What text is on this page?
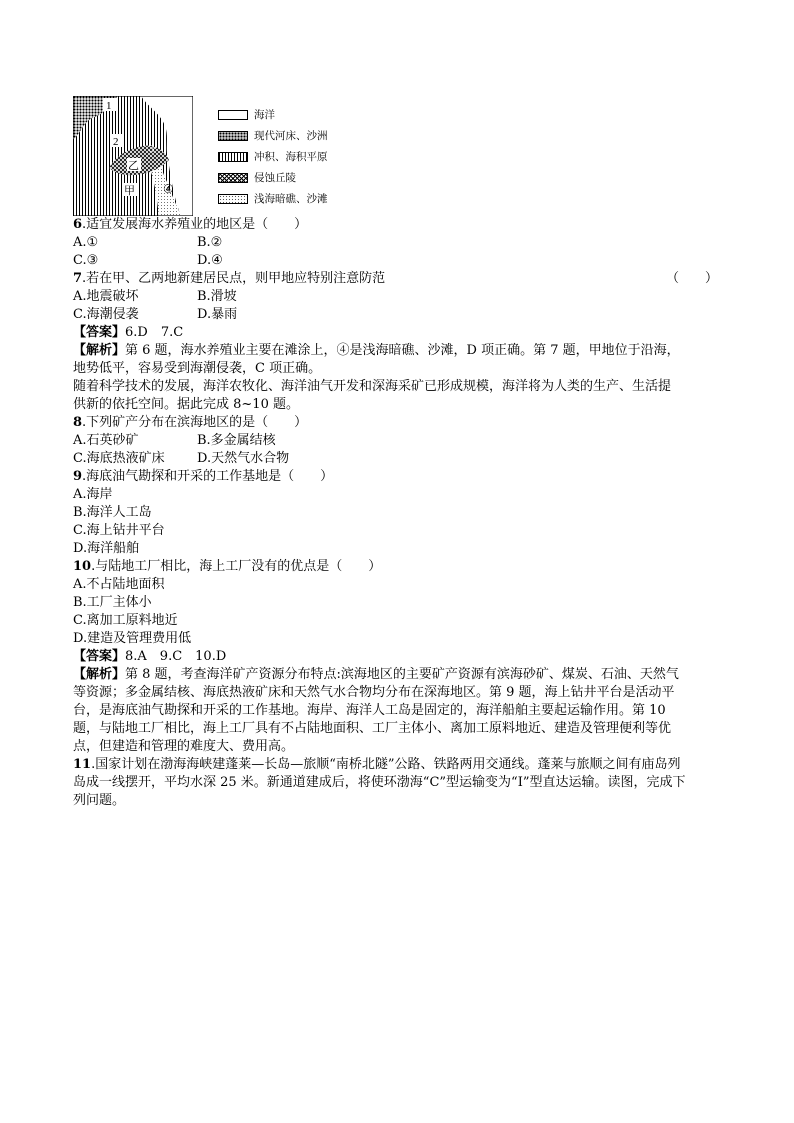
1
2
3
乙
甲 ④
海洋
现代河床、沙洲
冲积、海积平原
侵蚀丘陵
浅海暗礁、沙滩
6.适宜发展海水养殖业的地区是（　　）
A.①	B.②
C.③	D.④
7.若在甲、乙两地新建居民点，则甲地应特别注意防范	（　　）
A.地震破坏	B.滑坡
C.海潮侵袭	D.暴雨
【答案】6.D　7.C
【解析】第 6 题，海水养殖业主要在滩涂上，④是浅海暗礁、沙滩，D 项正确。第 7 题，甲地位于沿海，
地势低平，容易受到海潮侵袭，C 项正确。
随着科学技术的发展，海洋农牧化、海洋油气开发和深海采矿已形成规模，海洋将为人类的生产、生活提
供新的依托空间。据此完成 8~10 题。
8.下列矿产分布在滨海地区的是（　　）
A.石英砂矿	B.多金属结核
C.海底热液矿床	D.天然气水合物
9.海底油气勘探和开采的工作基地是（　　）
A.海岸
B.海洋人工岛
C.海上钻井平台
D.海洋船舶
10.与陆地工厂相比，海上工厂没有的优点是（　　）
A.不占陆地面积
B.工厂主体小
C.离加工原料地近
D.建造及管理费用低
【答案】8.A　9.C　10.D
【解析】第 8 题，考查海洋矿产资源分布特点:滨海地区的主要矿产资源有滨海砂矿、煤炭、石油、天然气
等资源；多金属结核、海底热液矿床和天然气水合物均分布在深海地区。第 9 题，海上钻井平台是活动平
台，是海底油气勘探和开采的工作基地。海岸、海洋人工岛是固定的，海洋船舶主要起运输作用。第 10
题，与陆地工厂相比，海上工厂具有不占陆地面积、工厂主体小、离加工原料地近、建造及管理便利等优
点，但建造和管理的难度大、费用高。
11.国家计划在渤海海峡建蓬莱—长岛—旅顺“南桥北隧”公路、铁路两用交通线。蓬莱与旅顺之间有庙岛列
岛成一线摆开，平均水深 25 米。新通道建成后，将使环渤海“C”型运输变为“I”型直达运输。读图，完成下
列问题。
